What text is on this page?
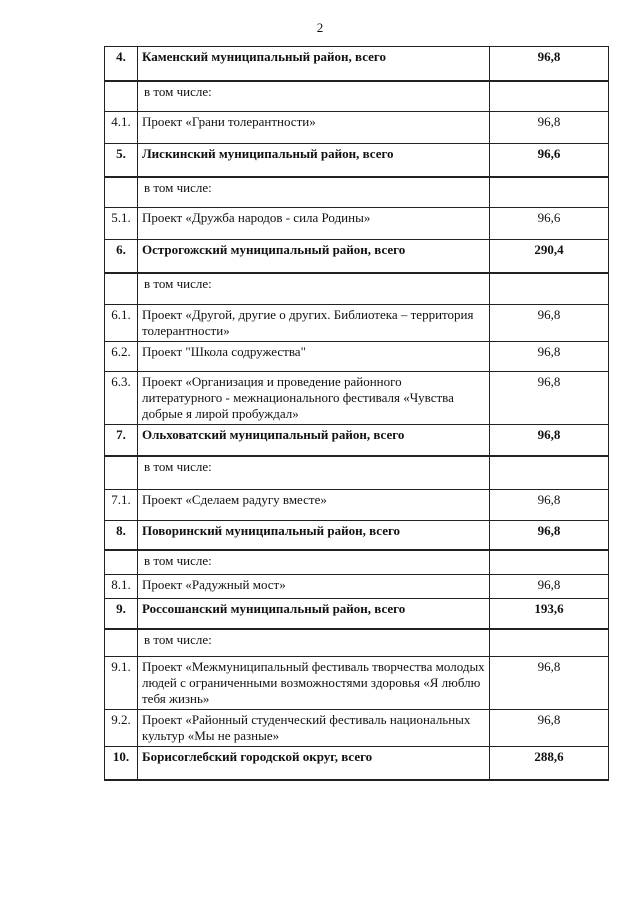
2
4.	Каменский муниципальный район, всего	96,8
	в том числе:	
4.1.	Проект «Грани толерантности»	96,8
5.	Лискинский муниципальный район, всего	96,6
	в том числе:	
5.1.	Проект «Дружба народов - сила Родины»	96,6
6.	Острогожский муниципальный район, всего	290,4
	в том числе:	
6.1.	Проект «Другой, другие о других. Библиотека – территория толерантности»	96,8
6.2.	Проект "Школа содружества"	96,8
6.3.	Проект «Организация и проведение районного литературного - межнационального фестиваля «Чувства добрые я лирой пробуждал»	96,8
7.	Ольховатский муниципальный район, всего	96,8
	в том числе:	
7.1.	Проект «Сделаем радугу вместе»	96,8
8.	Поворинский муниципальный район, всего	96,8
	в том числе:	
8.1.	Проект «Радужный мост»	96,8
9.	Россошанский муниципальный район, всего	193,6
	в том числе:	
9.1.	Проект «Межмуниципальный фестиваль творчества молодых людей с ограниченными возможностями здоровья «Я люблю тебя жизнь»	96,8
9.2.	Проект «Районный студенческий фестиваль национальных культур «Мы не разные»	96,8
10.	Борисоглебский городской округ, всего	288,6
